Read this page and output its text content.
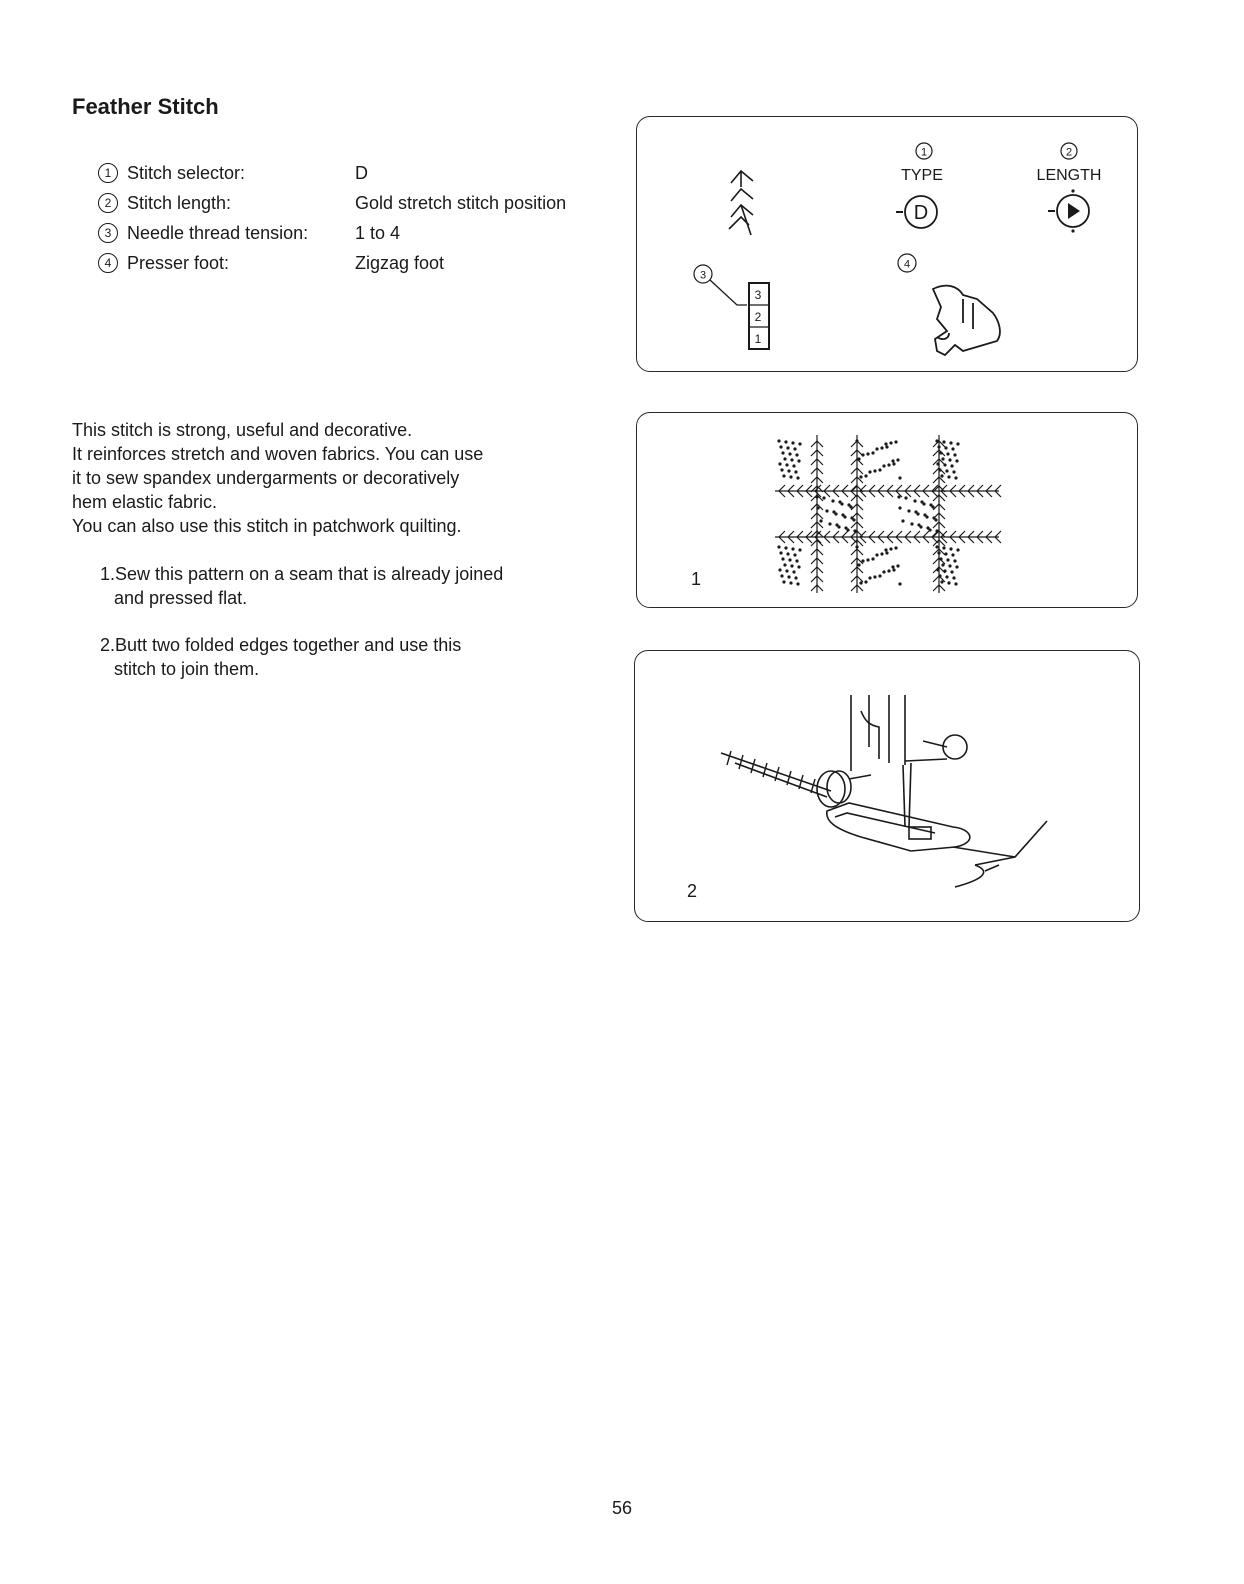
Feather Stitch
1 Stitch selector:	D
2 Stitch length:	Gold stretch stitch position
3 Needle thread tension:	1 to 4
4 Presser foot:	Zigzag foot

This stitch is strong, useful and decorative.

It reinforces stretch and woven fabrics. You can use

it to sew spandex undergarments or decoratively

hem elastic fabric.

You can also use this stitch in patchwork quilting.

1.Sew this pattern on a seam that is already joined
and pressed flat.
2.Butt two folded edges together and use this
stitch to join them.
1
TYPE
D
2
LENGTH
3
3
2
1
4
1
2
56
